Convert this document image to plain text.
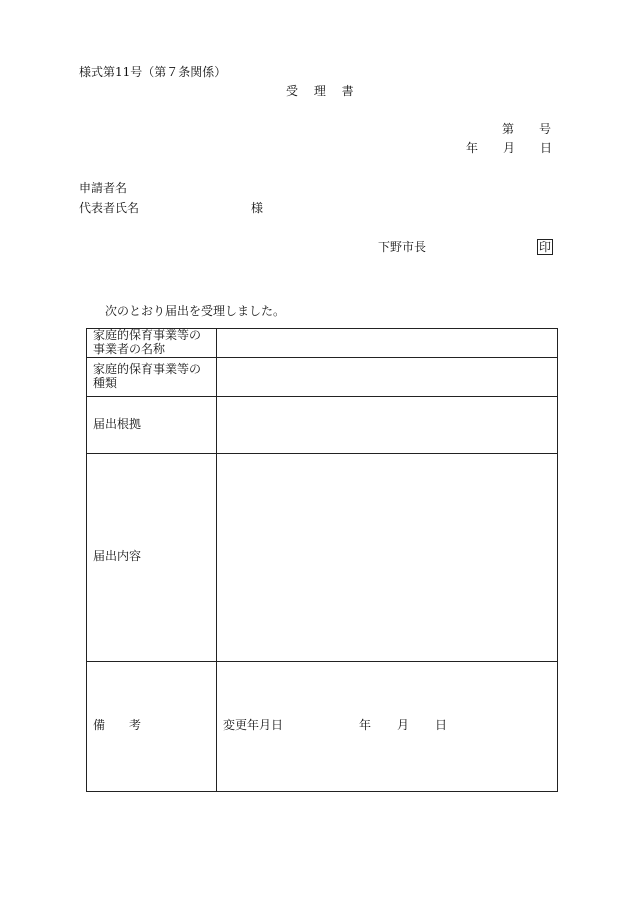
様式第11号（第７条関係）
受 理 書
第 号
年 月 日
申請者名
代表者氏名	様
下野市長	印
次のとおり届出を受理しました。
家庭的保育事業等の事業者の名称	
家庭的保育事業等の種類	
届出根拠	
届出内容	
備　　考	変更年月日 年 月 日
